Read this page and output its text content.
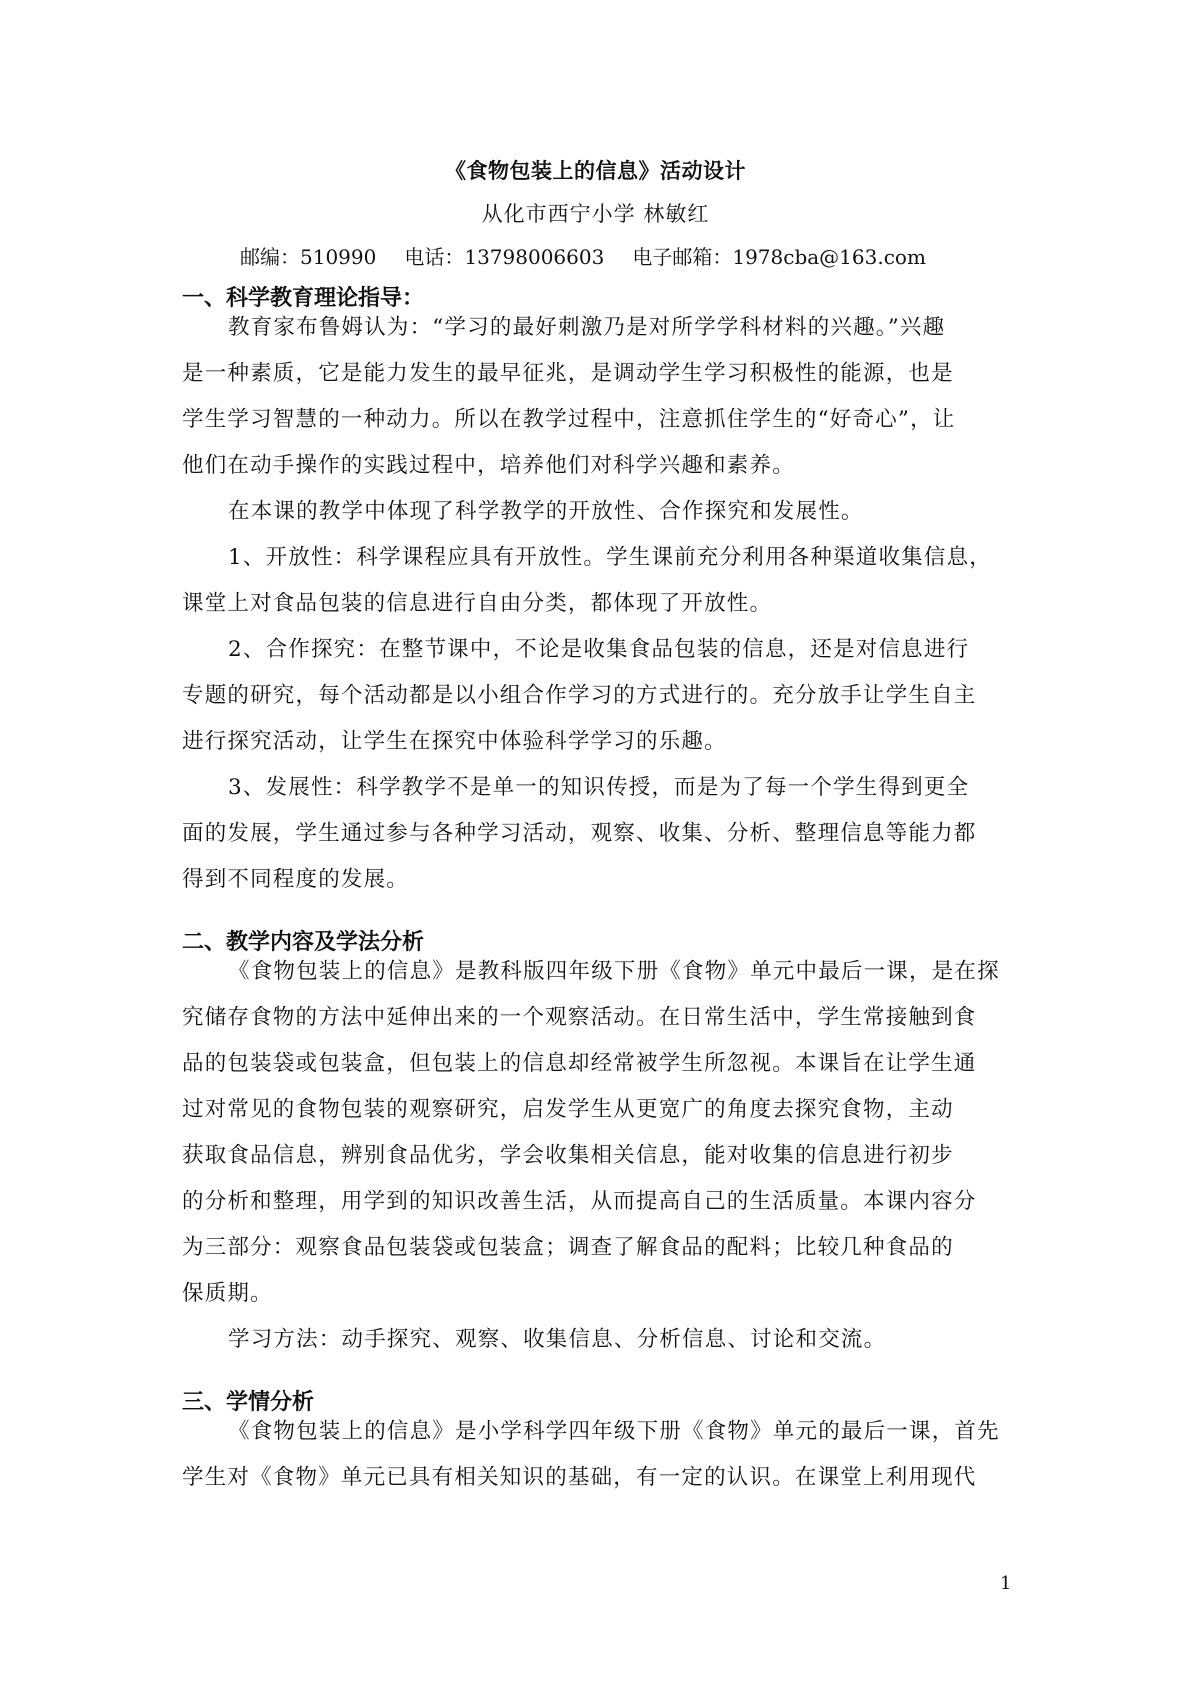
《食物包装上的信息》活动设计
从化市西宁小学 林敏红
邮编：510990 电话：13798006603 电子邮箱：1978cba@163.com
一、科学教育理论指导：
教育家布鲁姆认为：“学习的最好刺激乃是对所学学科材料的兴趣。”兴趣
是一种素质，它是能力发生的最早征兆，是调动学生学习积极性的能源，也是
学生学习智慧的一种动力。所以在教学过程中，注意抓住学生的“好奇心”，让
他们在动手操作的实践过程中，培养他们对科学兴趣和素养。
在本课的教学中体现了科学教学的开放性、合作探究和发展性。
1、开放性：科学课程应具有开放性。学生课前充分利用各种渠道收集信息，
课堂上对食品包装的信息进行自由分类，都体现了开放性。
2、合作探究：在整节课中，不论是收集食品包装的信息，还是对信息进行
专题的研究，每个活动都是以小组合作学习的方式进行的。充分放手让学生自主
进行探究活动，让学生在探究中体验科学学习的乐趣。
3、发展性：科学教学不是单一的知识传授，而是为了每一个学生得到更全
面的发展，学生通过参与各种学习活动，观察、收集、分析、整理信息等能力都
得到不同程度的发展。
二、教学内容及学法分析
《食物包装上的信息》是教科版四年级下册《食物》单元中最后一课，是在探
究储存食物的方法中延伸出来的一个观察活动。在日常生活中，学生常接触到食
品的包装袋或包装盒，但包装上的信息却经常被学生所忽视。本课旨在让学生通
过对常见的食物包装的观察研究，启发学生从更宽广的角度去探究食物，主动
获取食品信息，辨别食品优劣，学会收集相关信息，能对收集的信息进行初步
的分析和整理，用学到的知识改善生活，从而提高自己的生活质量。本课内容分
为三部分：观察食品包装袋或包装盒；调查了解食品的配料；比较几种食品的
保质期。
学习方法：动手探究、观察、收集信息、分析信息、讨论和交流。
三、学情分析
《食物包装上的信息》是小学科学四年级下册《食物》单元的最后一课，首先
学生对《食物》单元已具有相关知识的基础，有一定的认识。在课堂上利用现代
1
